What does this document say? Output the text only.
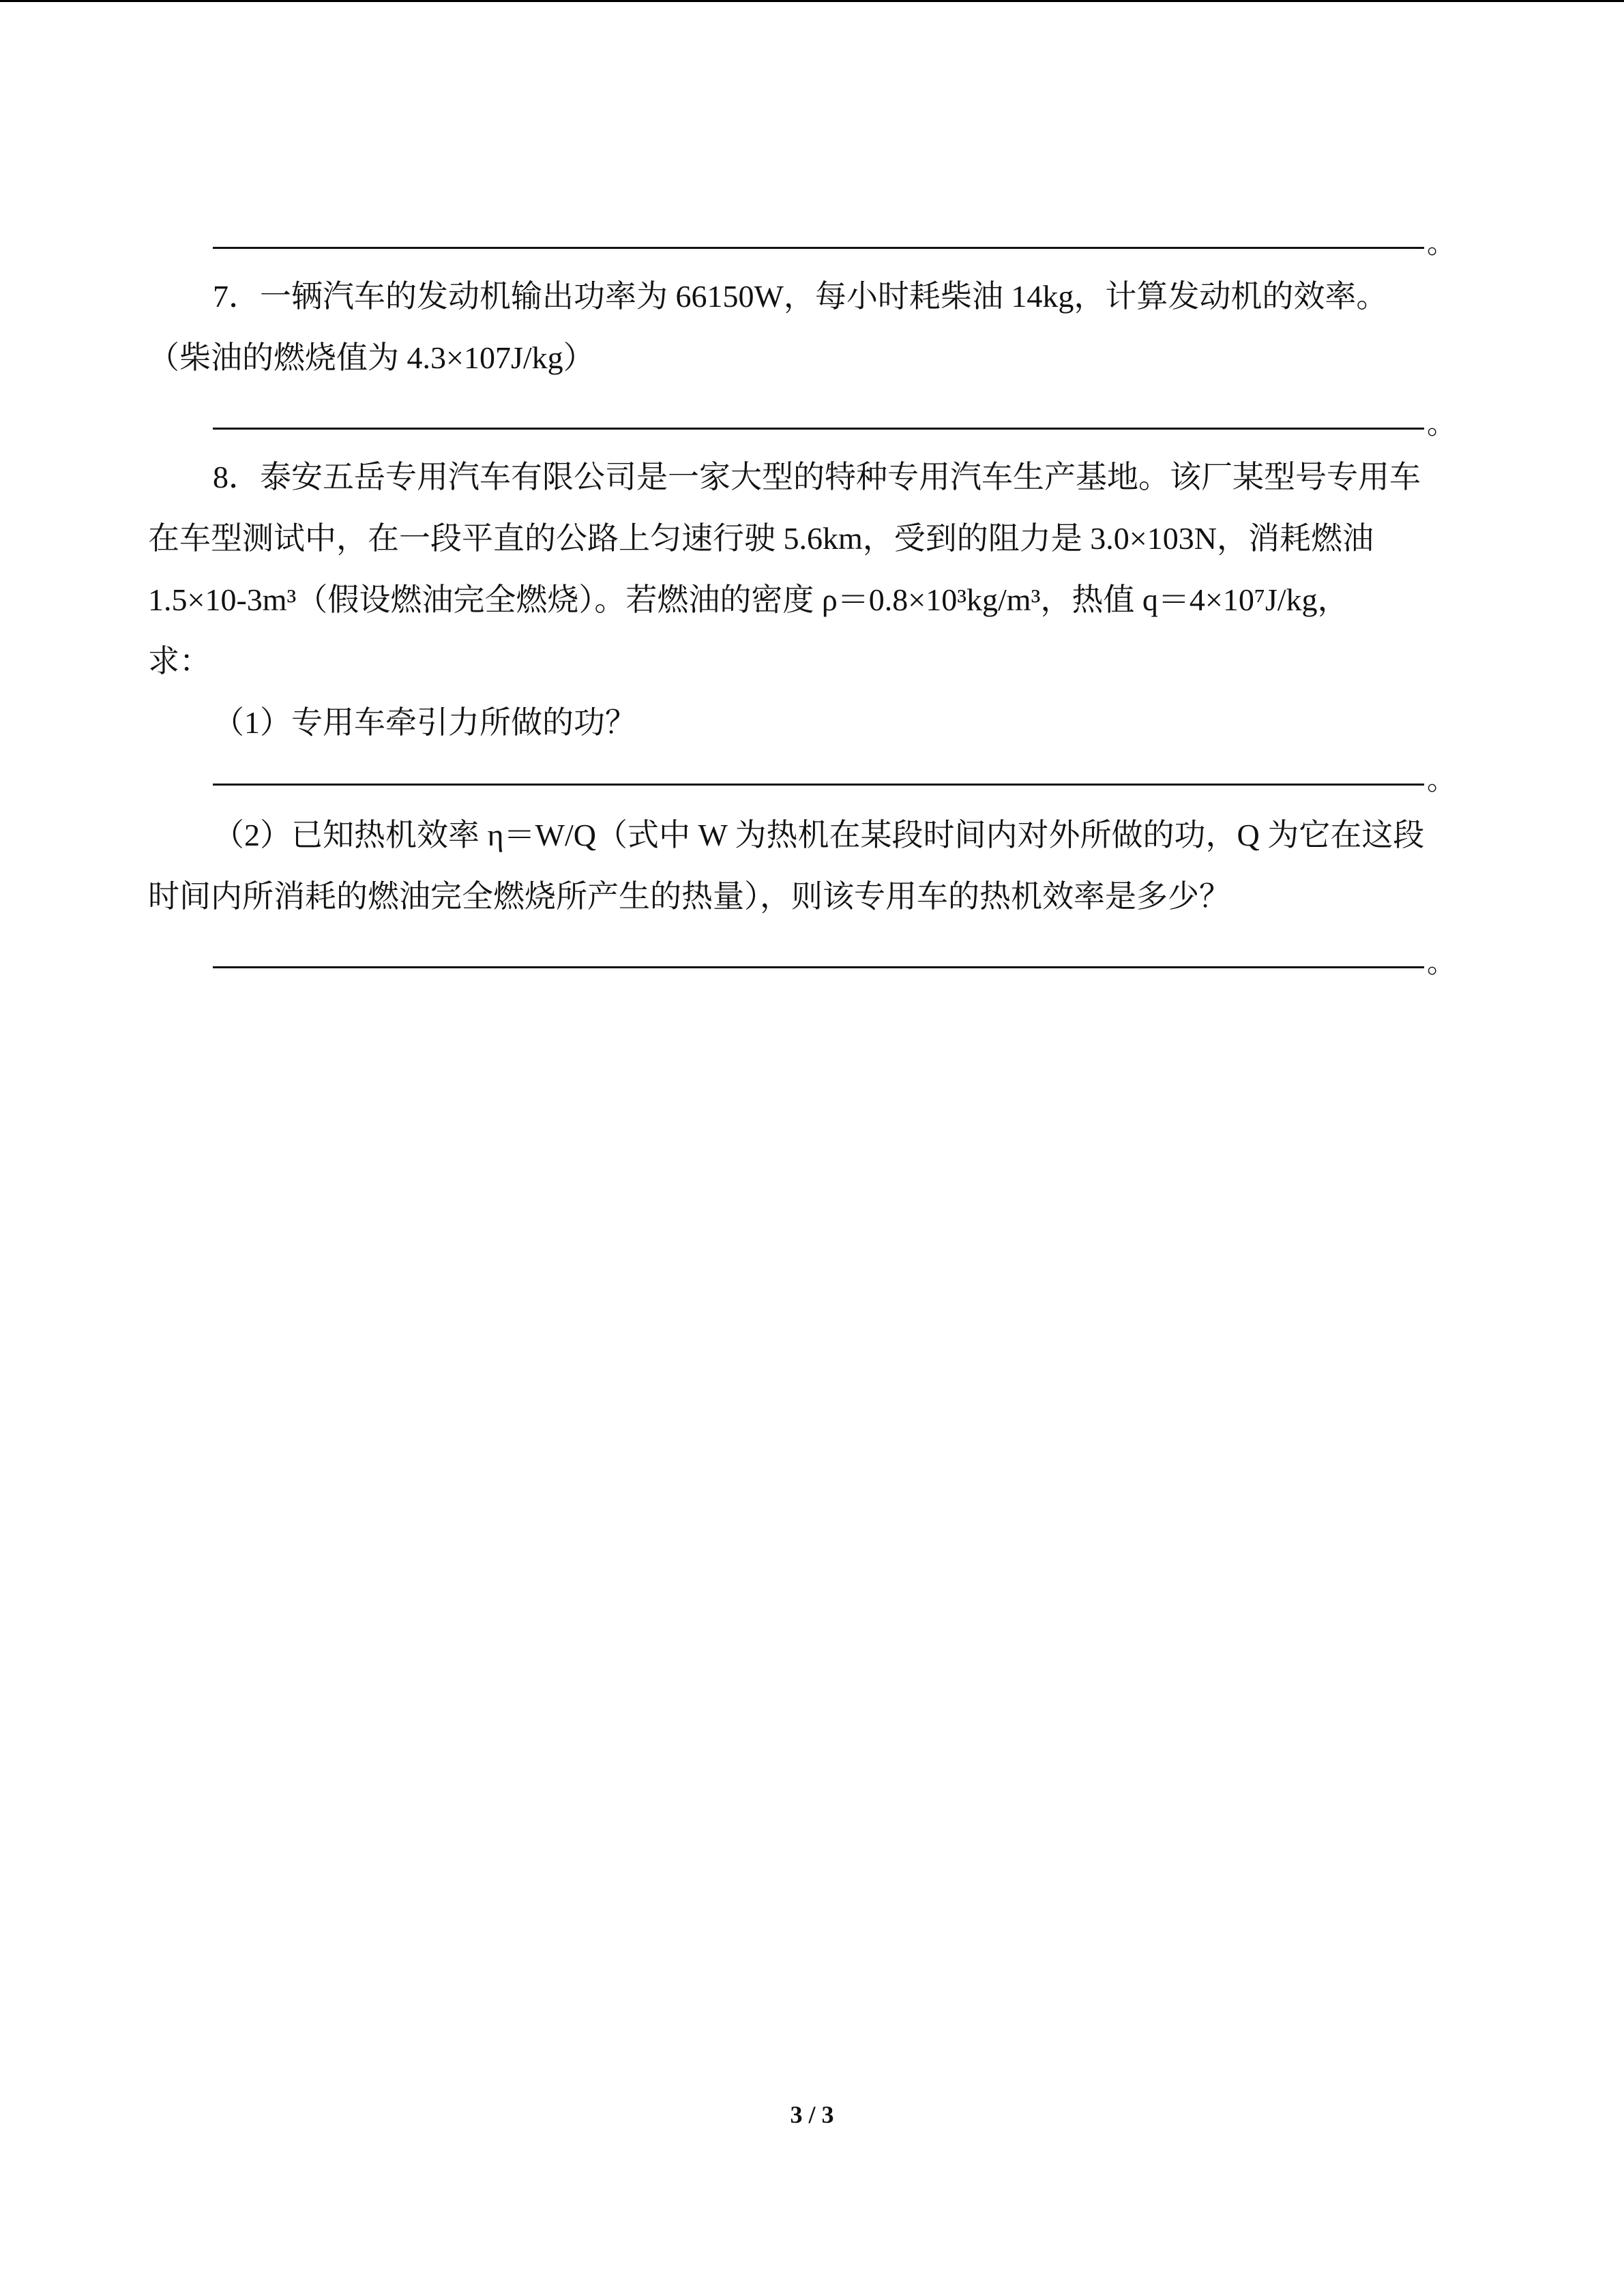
。
7．一辆汽车的发动机输出功率为 66150W，每小时耗柴油 14kg，计算发动机的效率。
（柴油的燃烧值为 4.3×107J/kg）
。
8．泰安五岳专用汽车有限公司是一家大型的特种专用汽车生产基地。该厂某型号专用车
在车型测试中，在一段平直的公路上匀速行驶 5.6km，受到的阻力是 3.0×103N，消耗燃油
1.5×10-3m³（假设燃油完全燃烧）。若燃油的密度 ρ＝0.8×10³kg/m³，热值 q＝4×10⁷J/kg，
求：
（1）专用车牵引力所做的功？
。
（2）已知热机效率 η＝W/Q（式中 W 为热机在某段时间内对外所做的功，Q 为它在这段
时间内所消耗的燃油完全燃烧所产生的热量），则该专用车的热机效率是多少？
。
3 / 3
